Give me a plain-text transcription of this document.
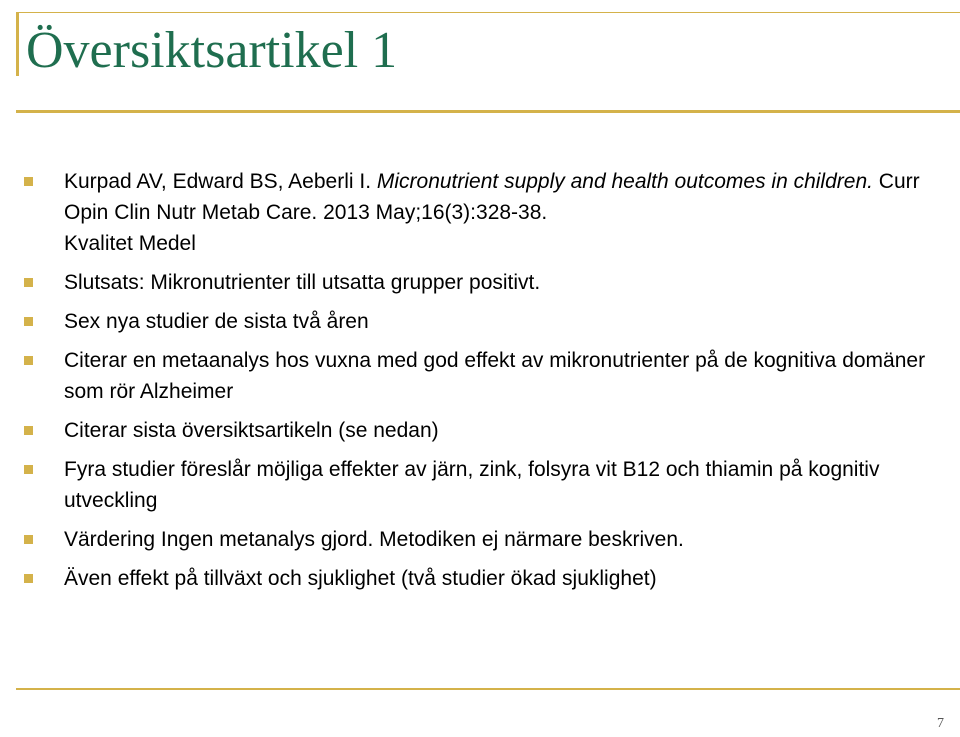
Översiktsartikel 1
Kurpad AV, Edward BS, Aeberli I. Micronutrient supply and health outcomes in children. Curr Opin Clin Nutr Metab Care. 2013 May;16(3):328-38.
Kvalitet Medel
Slutsats: Mikronutrienter till utsatta grupper positivt.
Sex nya studier de sista två åren
Citerar en metaanalys hos vuxna med god effekt av mikronutrienter på de kognitiva domäner som rör Alzheimer
Citerar sista översiktsartikeln (se nedan)
Fyra studier föreslår möjliga effekter av järn, zink, folsyra vit B12 och thiamin på kognitiv utveckling
Värdering Ingen metanalys gjord. Metodiken ej närmare beskriven.
Även effekt på tillväxt och sjuklighet (två studier ökad sjuklighet)
7
